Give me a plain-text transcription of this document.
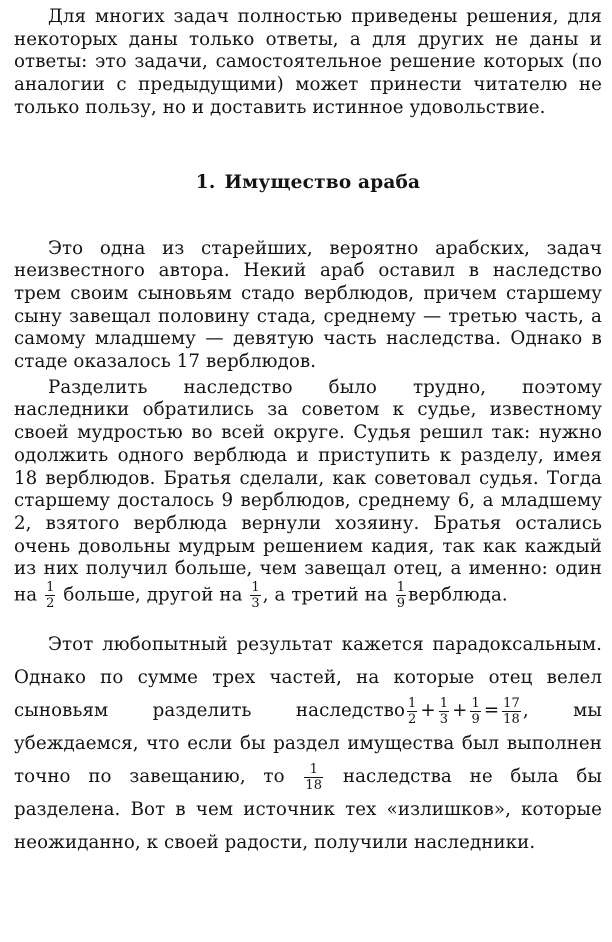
Для многих задач полностью приведены решения, для некоторых даны только ответы, а для других не даны и ответы: это задачи, самостоятельное решение которых (по аналогии с предыдущими) может принести читателю не только пользу, но и доставить истинное удовольствие.

1. Имущество араба

Это одна из старейших, вероятно арабских, задач неизвестного автора. Некий араб оставил в наследство трем своим сыновьям стадо верблюдов, причем старшему сыну завещал половину стада, среднему — третью часть, а самому младшему — девятую часть наследства. Однако в стаде оказалось 17 верблюдов.

Разделить наследство было трудно, поэтому наследники обратились за советом к судье, известному своей мудростью во всей округе. Судья решил так: нужно одолжить одного верблюда и приступить к разделу, имея 18 верблюдов. Братья сделали, как советовал судья. Тогда старшему досталось 9 верблюдов, среднему 6, а младшему 2, взятого верблюда вернули хозяину. Братья остались очень довольны мудрым решением кадия, так как каждый из них получил больше, чем завещал отец, а именно: один на $\frac{1}{2}$ больше, другой на $\frac{1}{3}$ , а третий на $\frac{1}{9}$ верблюда.

Этот любопытный результат кажется парадоксальным. Однако по сумме трех частей, на которые отец велел сыновьям разделить наследство $\frac{1}{2} + \frac{1}{3} + \frac{1}{9} = \frac{17}{18}$ , мы убеждаемся, что если бы раздел имущества был выполнен точно по завещанию, то $\frac{1}{18}$ наследства не была бы разделена. Вот в чем источник тех «излишков», которые неожиданно, к своей радости, получили наследники.
